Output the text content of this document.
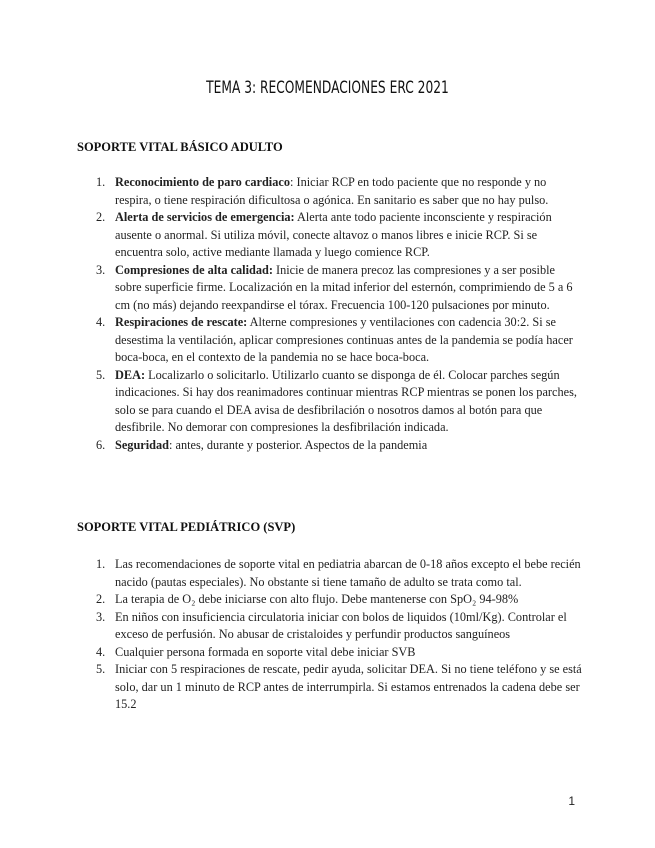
TEMA 3: RECOMENDACIONES ERC 2021
SOPORTE VITAL BÁSICO ADULTO
1. Reconocimiento de paro cardiaco: Iniciar RCP en todo paciente que no responde y no respira, o tiene respiración dificultosa o agónica. En sanitario es saber que no hay pulso.
2. Alerta de servicios de emergencia: Alerta ante todo paciente inconsciente y respiración ausente o anormal. Si utiliza móvil, conecte altavoz o manos libres e inicie RCP. Si se encuentra solo, active mediante llamada y luego comience RCP.
3. Compresiones de alta calidad: Inicie de manera precoz las compresiones y a ser posible sobre superficie firme. Localización en la mitad inferior del esternón, comprimiendo de 5 a 6 cm (no más) dejando reexpandirse el tórax. Frecuencia 100-120 pulsaciones por minuto.
4. Respiraciones de rescate: Alterne compresiones y ventilaciones con cadencia 30:2. Si se desestima la ventilación, aplicar compresiones continuas antes de la pandemia se podía hacer boca-boca, en el contexto de la pandemia no se hace boca-boca.
5. DEA: Localizarlo o solicitarlo. Utilizarlo cuanto se disponga de él. Colocar parches según indicaciones. Si hay dos reanimadores continuar mientras RCP mientras se ponen los parches, solo se para cuando el DEA avisa de desfibrilación o nosotros damos al botón para que desfibrile. No demorar con compresiones la desfibrilación indicada.
6. Seguridad: antes, durante y posterior. Aspectos de la pandemia
SOPORTE VITAL PEDIÁTRICO (SVP)
1. Las recomendaciones de soporte vital en pediatria abarcan de 0-18 años excepto el bebe recién nacido (pautas especiales). No obstante si tiene tamaño de adulto se trata como tal.
2. La terapia de O₂ debe iniciarse con alto flujo. Debe mantenerse con SpO₂ 94-98%
3. En niños con insuficiencia circulatoria iniciar con bolos de liquidos (10ml/Kg). Controlar el exceso de perfusión. No abusar de cristaloides y perfundir productos sanguíneos
4. Cualquier persona formada en soporte vital debe iniciar SVB
5. Iniciar con 5 respiraciones de rescate, pedir ayuda, solicitar DEA. Si no tiene teléfono y se está solo, dar un 1 minuto de RCP antes de interrumpirla. Si estamos entrenados la cadena debe ser 15.2
1
